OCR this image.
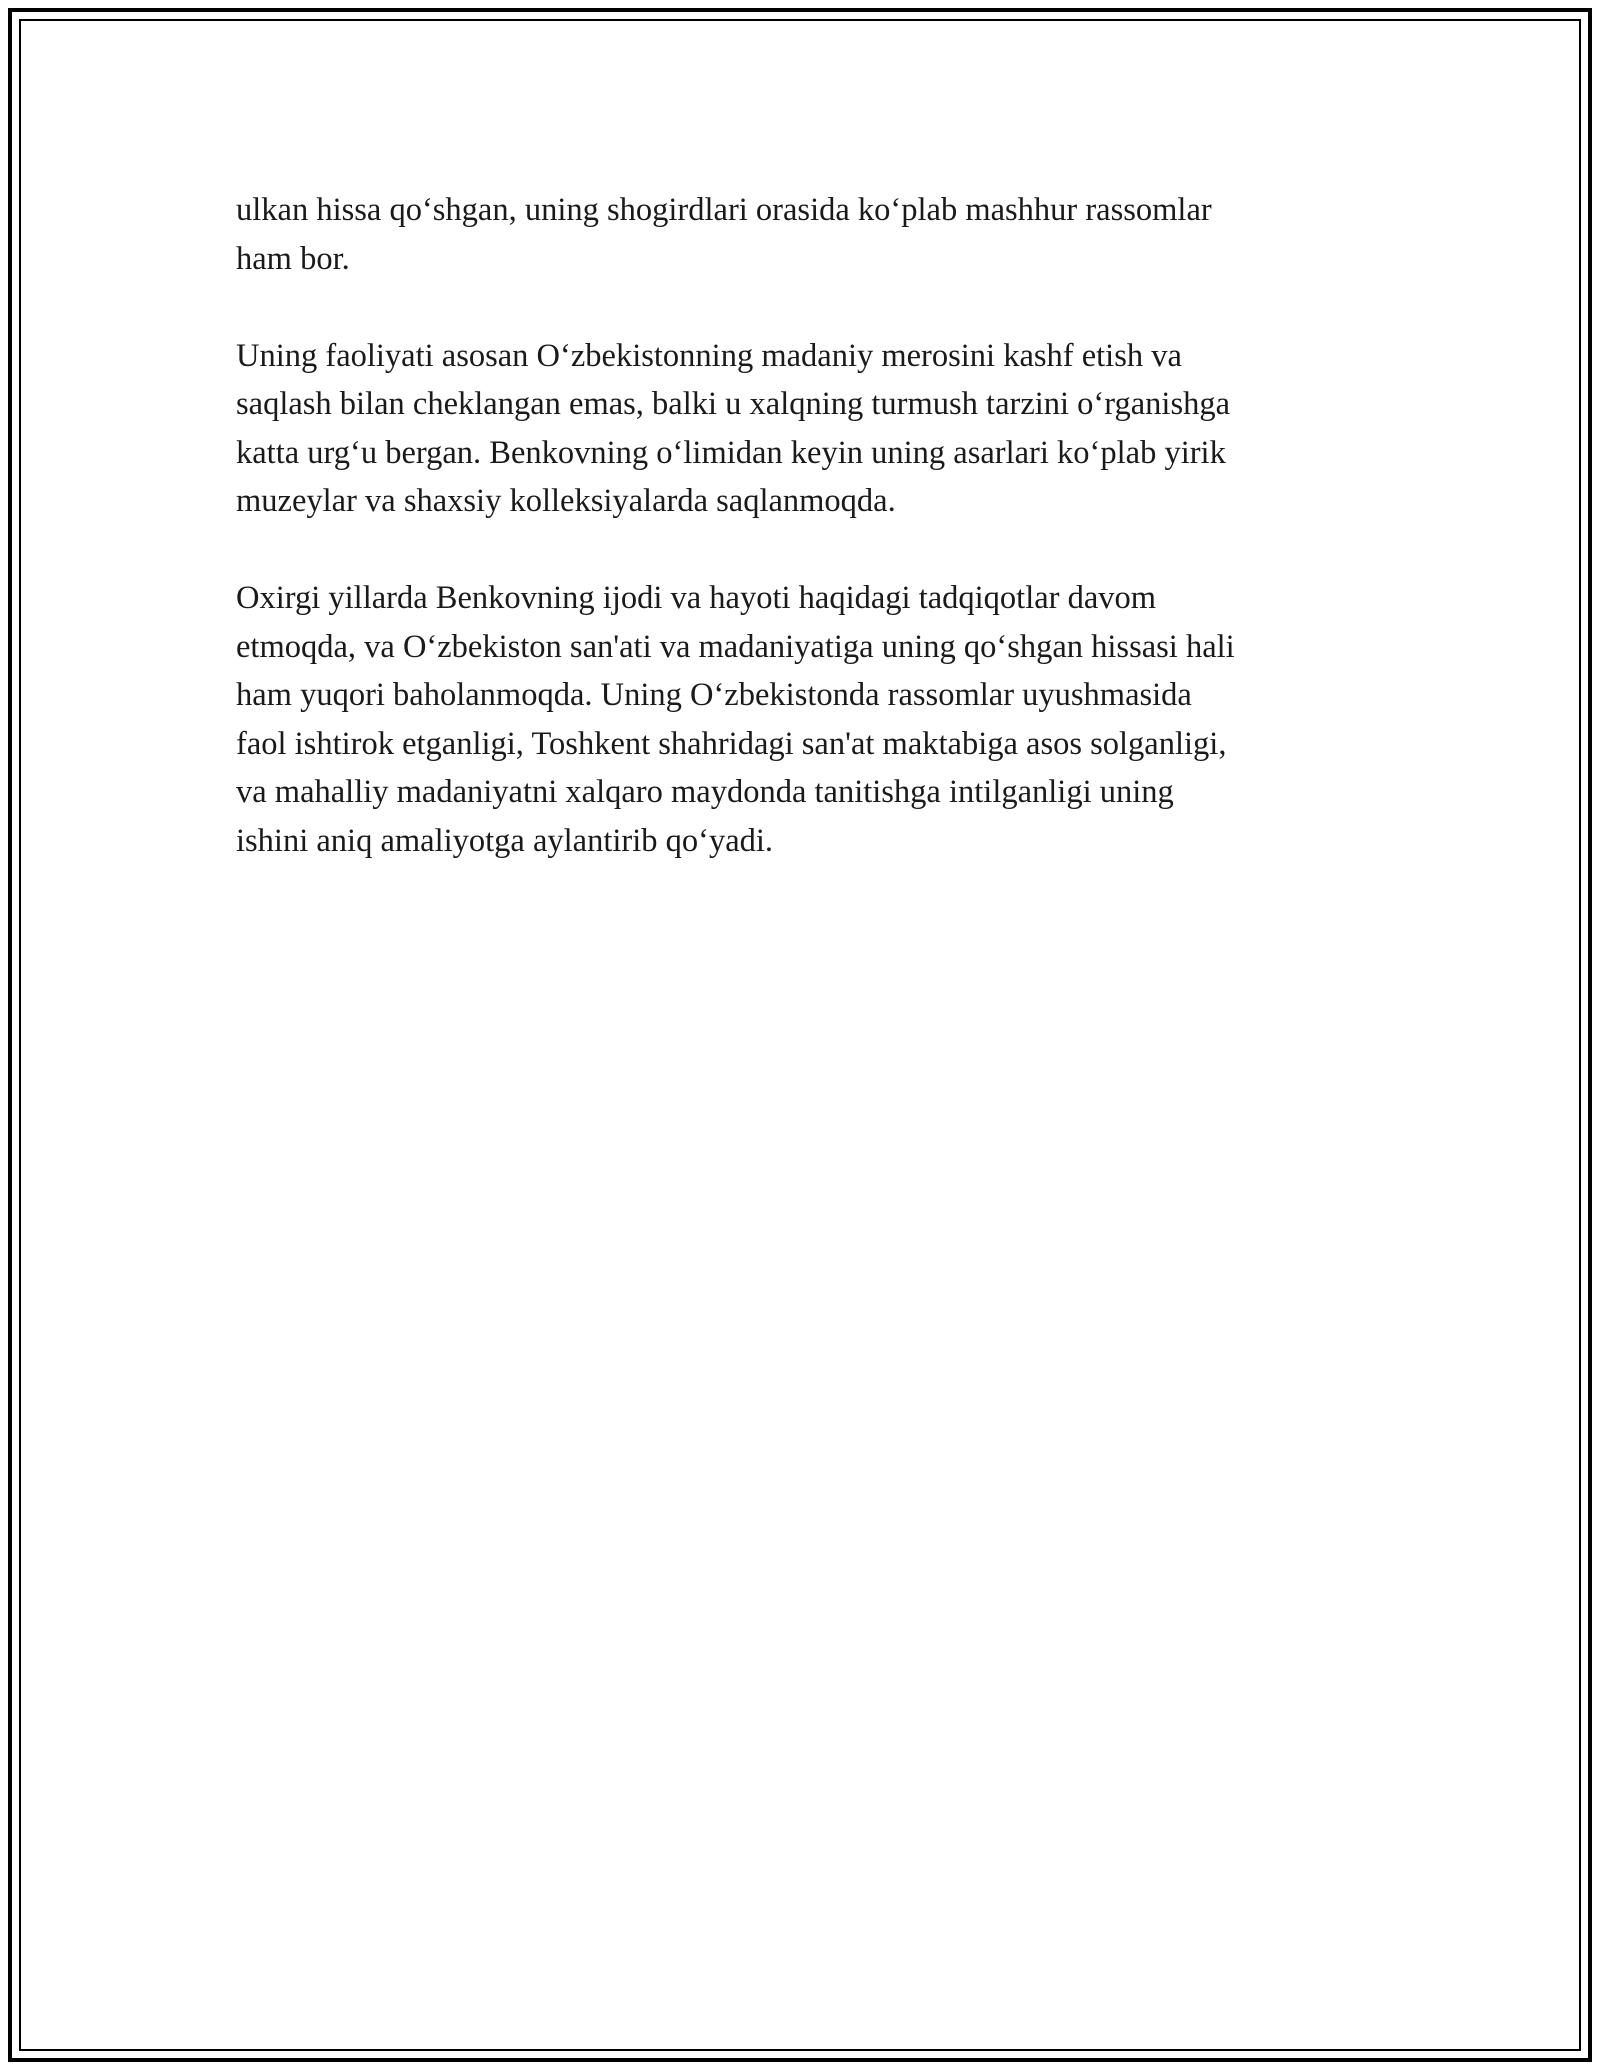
ulkan hissa qo‘shgan, uning shogirdlari orasida ko‘plab mashhur rassomlar
ham bor.

Uning faoliyati asosan O‘zbekistonning madaniy merosini kashf etish va
saqlash bilan cheklangan emas, balki u xalqning turmush tarzini o‘rganishga
katta urg‘u bergan. Benkovning o‘limidan keyin uning asarlari ko‘plab yirik
muzeylar va shaxsiy kolleksiyalarda saqlanmoqda.

Oxirgi yillarda Benkovning ijodi va hayoti haqidagi tadqiqotlar davom
etmoqda, va O‘zbekiston san'ati va madaniyatiga uning qo‘shgan hissasi hali
ham yuqori baholanmoqda. Uning O‘zbekistonda rassomlar uyushmasida
faol ishtirok etganligi, Toshkent shahridagi san'at maktabiga asos solganligi,
va mahalliy madaniyatni xalqaro maydonda tanitishga intilganligi uning
ishini aniq amaliyotga aylantirib qo‘yadi.
